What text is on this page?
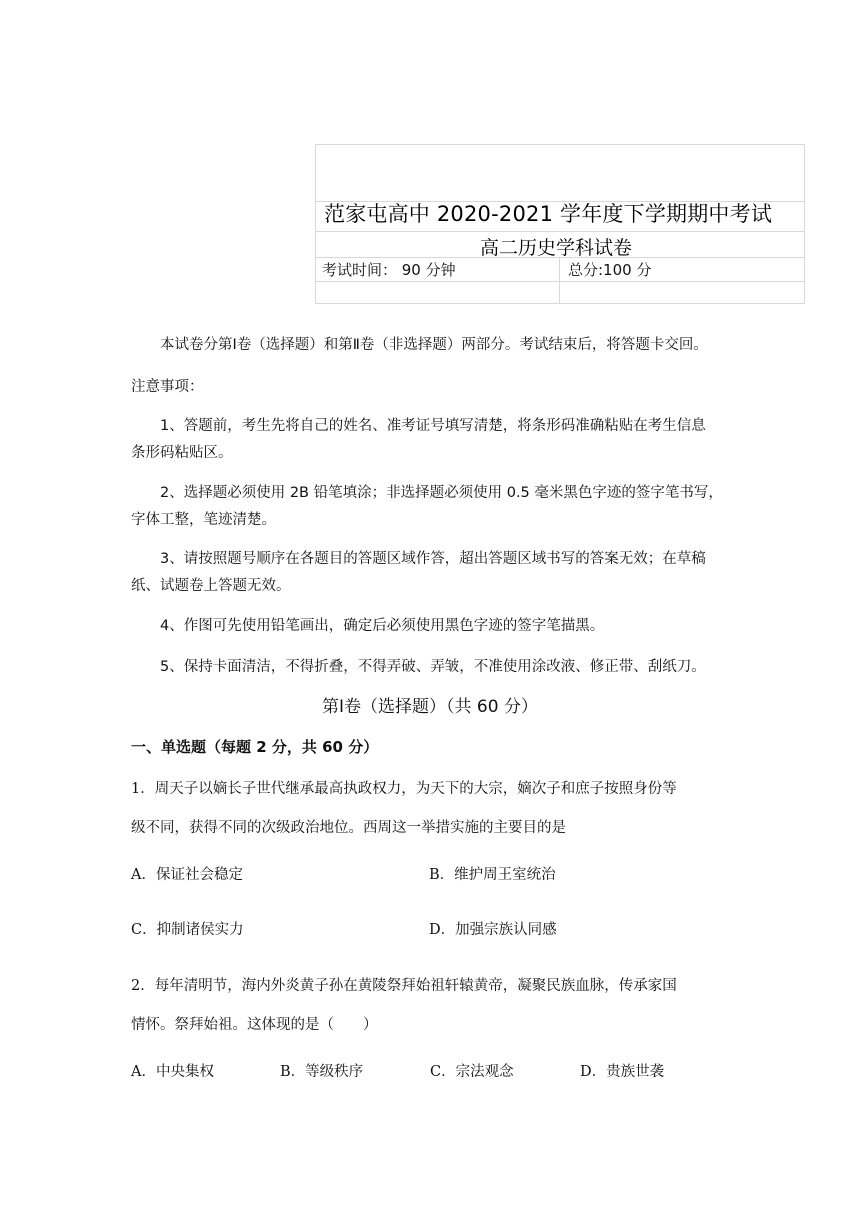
范家屯高中 2020-2021 学年度下学期期中考试
高二历史学科试卷
考试时间： 90 分钟	总分:100 分
本试卷分第Ⅰ卷（选择题）和第Ⅱ卷（非选择题）两部分。考试结束后，将答题卡交回。
注意事项：
1、答题前，考生先将自己的姓名、准考证号填写清楚，将条形码准确粘贴在考生信息
条形码粘贴区。
2、选择题必须使用 2B 铅笔填涂；非选择题必须使用 0.5 毫米黑色字迹的签字笔书写，
字体工整，笔迹清楚。
3、请按照题号顺序在各题目的答题区域作答，超出答题区域书写的答案无效；在草稿
纸、试题卷上答题无效。
4、作图可先使用铅笔画出，确定后必须使用黑色字迹的签字笔描黑。
5、保持卡面清洁，不得折叠，不得弄破、弄皱，不准使用涂改液、修正带、刮纸刀。
第Ⅰ卷（选择题）（共 60 分）
一、单选题（每题 2 分，共 60 分）
1．周天子以嫡长子世代继承最高执政权力，为天下的大宗，嫡次子和庶子按照身份等
级不同，获得不同的次级政治地位。西周这一举措实施的主要目的是
A．保证社会稳定	B．维护周王室统治
C．抑制诸侯实力	D．加强宗族认同感
2．每年清明节，海内外炎黄子孙在黄陵祭拜始祖轩辕黄帝，凝聚民族血脉，传承家国
情怀。祭拜始祖。这体现的是（　　）
A．中央集权	B．等级秩序	C．宗法观念	D．贵族世袭
